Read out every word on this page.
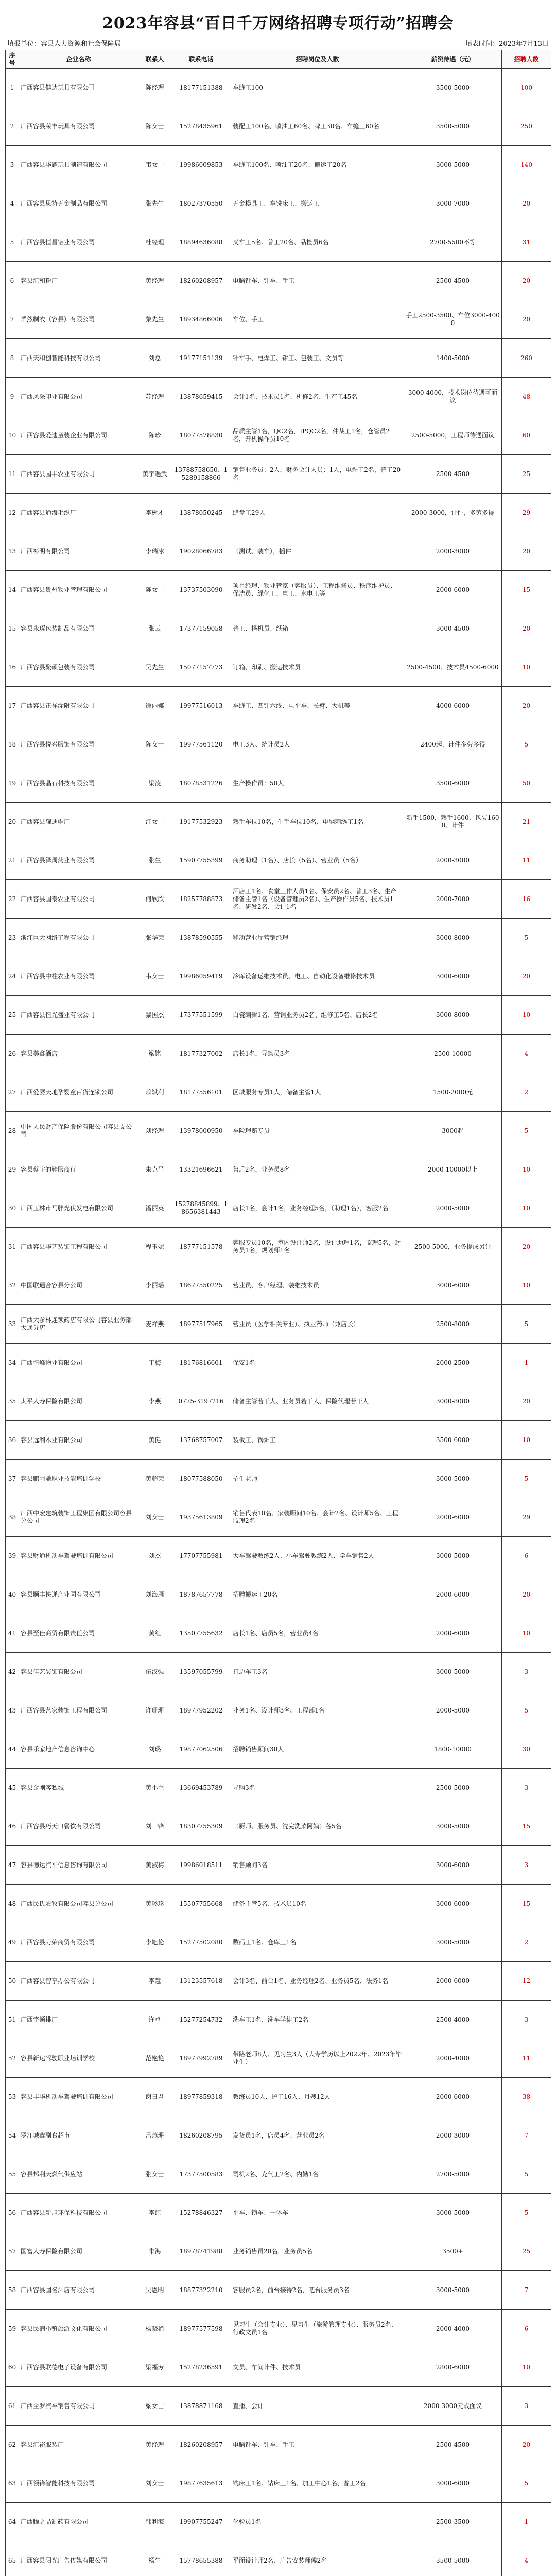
2023年容县“百日千万网络招聘专项行动”招聘会
填报单位：容县人力资源和社会保障局	填表时间：2023年7月13日
序号	企业名称	联系人	联系电话	招聘岗位及人数	薪资待遇（元）	招聘人数
1	广西容县健达玩具有限公司	陈经理	18177151388	车缝工100	3500-5000	100
2	广西容县荣丰玩具有限公司	陈女士	15278435961	装配工100名、喷油工60名、啤工30名、车缝工60名	3500-5000	250
3	广西容县华耀玩具制造有限公司	韦女士	19986009853	车缝工100名、喷油工20名、搬运工20名	3000-5000	140
4	广西容县思特五金制品有限公司	张先生	18027370550	五金模具工、车铣床工、搬运工	3000-7000	20
5	广西容县恒昌铝业有限公司	杜经理	18894636088	叉车工5名、普工20名、品检员6名	2700-5500不等	31
6	容县汇和粉厂	黄经理	18260208957	电脑针车、针车、手工	2500-4500	20
7	滔然制衣（容县）有限公司	黎先生	18934866006	车位、手工	手工2500-3500、车位3000-4000	20
8	广西天和创智能科技有限公司	刘总	19177151139	针车手、电焊工、钳工、包装工、文员等	1400-5000	260
9	广西风采印业有限公司	苏经理	13878659415	会计1名、技术员1名、机修2名、生产工45名	3000-4000，技术岗位待遇可面议	48
10	广西容县爱迪童装企业有限公司	陈珍	18077578830	品质主管1名，QC2名，IPQC2名，仲裁工1名，仓管员2名，开机操作员10名	2500-5000，工程师待遇面议	60
11	广西容县园丰农业有限公司	黄宇遇武	13788758650、15289158866	销售业务员：2人，财务会计人员：1人，电焊工2名，普工20名	2500-4500	25
12	广西容县通海毛织厂	李树才	13878050245	缝盘工29人	2000-3000，计件，多劳多得	29
13	广西衫明有限公司	李瑞冰	19028066783	（测试、装车），插件	2000-3000	20
14	广西容县贵州物业管理有限公司	陈女士	13737503090	项目经理、物业管家（客服员）、工程维修员、秩序维护员、保洁员、绿化工、电工、水电工等	2000-6000	15
15	容县永琢包装制品有限公司	张云	17377159058	普工、搭机员、纸箱	3000-4500	20
16	广西容县聚硕包装有限公司	吴先生	15077157773	订箱、印刷、搬运技术员	2500-4500、技术员4500-6000	10
17	广西容县正祥涂附有限公司	徐丽娜	19977516013	车缝工、四针六线、电平车、长臂、大机等	4000-6000	20
18	广西容县悦兴服饰有限公司	陈女士	19977561120	电工3人、统计员2人	2400起，计件多劳多得	5
19	广西容县晶石科技有限公司	梁凌	18078531226	生产操作员：50人	3500-6000	50
20	广西容县耀迪帽厂	江女士	19177532923	熟手车位10名，生手车位10名、电脑刺绣工1名	新手1500，熟手1600、包装1600、计件	21
21	广西容县泽周药业有限公司	张生	15907755399	商务助理（1名）、店长（5名）、营业员（5名）	2000-3000	11
22	广西容县国泰农业有限公司	何欣欣	18257788873	酒店工1名、食堂工作人员1名、保安员2名、普工3名、生产储备主管1名（设备管理员2名）、生产操作员5名、技术员1名、研发2名、会计1名	2000-7000	16
23	浙江巨大网络工程有限公司	张华荣	13878590555	移动营业厅营销经理	3000-8000	5
24	广西容县中柱农业有限公司	韦女士	19986059419	冷库设备运维技术员、电工、自动化设备维修技术员	3000-6000	20
25	广西容县恒光盛业有限公司	黎国杰	17377551599	白瓷编辑1名、营销业务员2名、维修工5名、店长2名	3000-8000	10
26	容县美鑫酒店	梁铭	18177327002	店长1名，导购员3名	2500-10000	4
27	广西爱婴天地孕婴童百货连锁公司	赖斌利	18177556101	区域服务专员1人，储备主管1人	1500-2000元	2
28	中国人民财产保险股份有限公司容县支公司	刘经理	13978000950	车险理赔专员	3000起	5
29	容县蔡宇的鞋服商行	朱克平	13321696621	售后2名，业务员8名	2000-10000以上	10
30	广西玉林市马胖光伏发电有限公司	潘丽英	15278845899、18656381443	店长1名，会计1名，业务经理5名，（助理1名），客服2名	2000-5000	10
31	广西容县华艺装饰工程有限公司	程玉妮	18777151578	客服专员10名，室内设计师2名，设计助理1名，监理5名，财务员1名，规划师1名	2500-5000，业务提成另计	20
32	中国联通合容县分公司	李丽瑶	18677550225	营业员、客户经理、装维技术员	3000-6000	10
33	广西大参林连锁药店有限公司容县业务部大通分店	麦祥燕	18977517965	营业员（医学相关专业）、执业药师（兼店长）	2500-8000	5
34	广西恒峰物业有限公司	丁梅	18176816601	保安1名	2000-2500	1
35	太平人寿保险有限公司	李燕	0775-3197216	储备主管若干人、业务员若干人、保险代理若干人	3000-8000	20
36	容县远利木业有限公司	黄健	13768757007	装板工、锅炉工	3500-6000	10
37	容县鹏阿驰职业技能培训学校	黄超荣	18077588050	招生老师	3000-5000	5
38	广西中宏建筑装饰工程集团有限公司容县分公司	刘女士	19375613809	销售代表10名、家装顾问10名、会计2名、设计师5名、工程监理2名	2000-6000	29
39	容县财通机动车驾驶培训有限公司	刘杰	17707755981	大车驾驶教练2人、小车驾驶教练2人、学车销售2人	3000-5000	6
40	容县顺丰快递产业园有限公司	刘海雁	18787657778	招聘搬运工20名	2000-6000	20
41	容县至佳商贸有限责任公司	黄红	13507755632	店长1名、店员5名，营业员4名	2000-6000	10
42	容县佳艺装饰有限公司	伍汉强	13597055799	打边车工3名	3000-5000	3
43	广西容县艺家装饰工程有限公司	许珊珊	18977952202	业务1名、设计师3名、工程部1名	2000-5000	5
44	容县乐家地产信息咨询中心	刘璐	19877062506	招聘销售顾问30人	1800-10000	30
45	容县金刚客私城	黄小兰	13669453789	导购3名	2500-5000	3
46	广西容县巧天口餐饮有限公司	刘一锋	18307755309	（厨师、服务员、洗完洗菜阿姨）各5名	3000-5000	15
47	容县德达汽车信息咨询有限公司	黄淑梅	19986018511	销售顾问3名	3000-6000	3
48	广西民氏农牧有限公司容县分公司	黄珍珍	15507755668	储备主管5名、技术员10名	3000-6000	15
49	广西容县力荣商贸有限公司	李旭伦	15277502080	数码工1名、仓库工1名	3000-5000	2
50	广西容县智享办公有限公司	李慧	13123557618	会计3名、前台1名、业务经理2名、业务员5名、法务1名	2000-6000	12
51	广西宇顿排厂	许卓	15277254732	洗车工1名、洗车学徒工2名	2500-4000	3
52	容县新达驾驶职业培训学校	范艳艳	18977992789	带路老师8人、见习生3人（大专学历以上2022年、2023年毕业生）	2000-4000	11
53	容县丰华机动车驾驶培训有限公司	谢日君	18977859318	教练员10人、护工16人、月嫂12人	2000-6000	38
54	罗江城鑫副食超市	吕燕珊	18260208795	发货员1名，店员4名、营业员2名	2000-3000	7
55	容县邦利天燃气供应站	张女士	17377500583	司机2名、充气工2名、内勤1名	2700-5000	5
56	广西容县新旭环保科技有限公司	李红	15278846327	平车、锁车、一体车	3000-5000	5
57	国富人寿保险有限公司	朱海	18978741988	业务销售员20名，业务员5名	3500+	25
58	广西容县国名酒店有限公司	吴恩明	18877322210	客服员2名，前台接待2名，吧台服务员3名	3000-5000	7
59	容县民润小镇旅游文化有限公司	杨晓艳	18977577598	见习生（会计专业）、见习生（旅游管理专业）、服务员2名、行政文员1名	2000-4000	6
60	广西容县联德电子设备有限公司	梁福芳	15278236591	文员、车间计件、技术员	2800-6000	10
61	广西至罗汽车销售有限公司	梁女士	13878871168	直播、会计	2000-3000元或面议	3
62	容县汇裕服装厂	黄经理	18260208957	电脑针车、针车、手工	2500-4500	20
63	广西领锋智能科技有限公司	刘女士	19877635613	铣床工1名、钻床工1名、加工中心1名、普工2名	3000-6000	5
64	广西腾之晶制药有限公司	韩利海	19907755247	化验员1名	2500-3500	1
65	广西容县阳光广告传媒有限公司	杨生	15778655388	平面设计师2名、广告安装师傅2名	3500-5000	4
